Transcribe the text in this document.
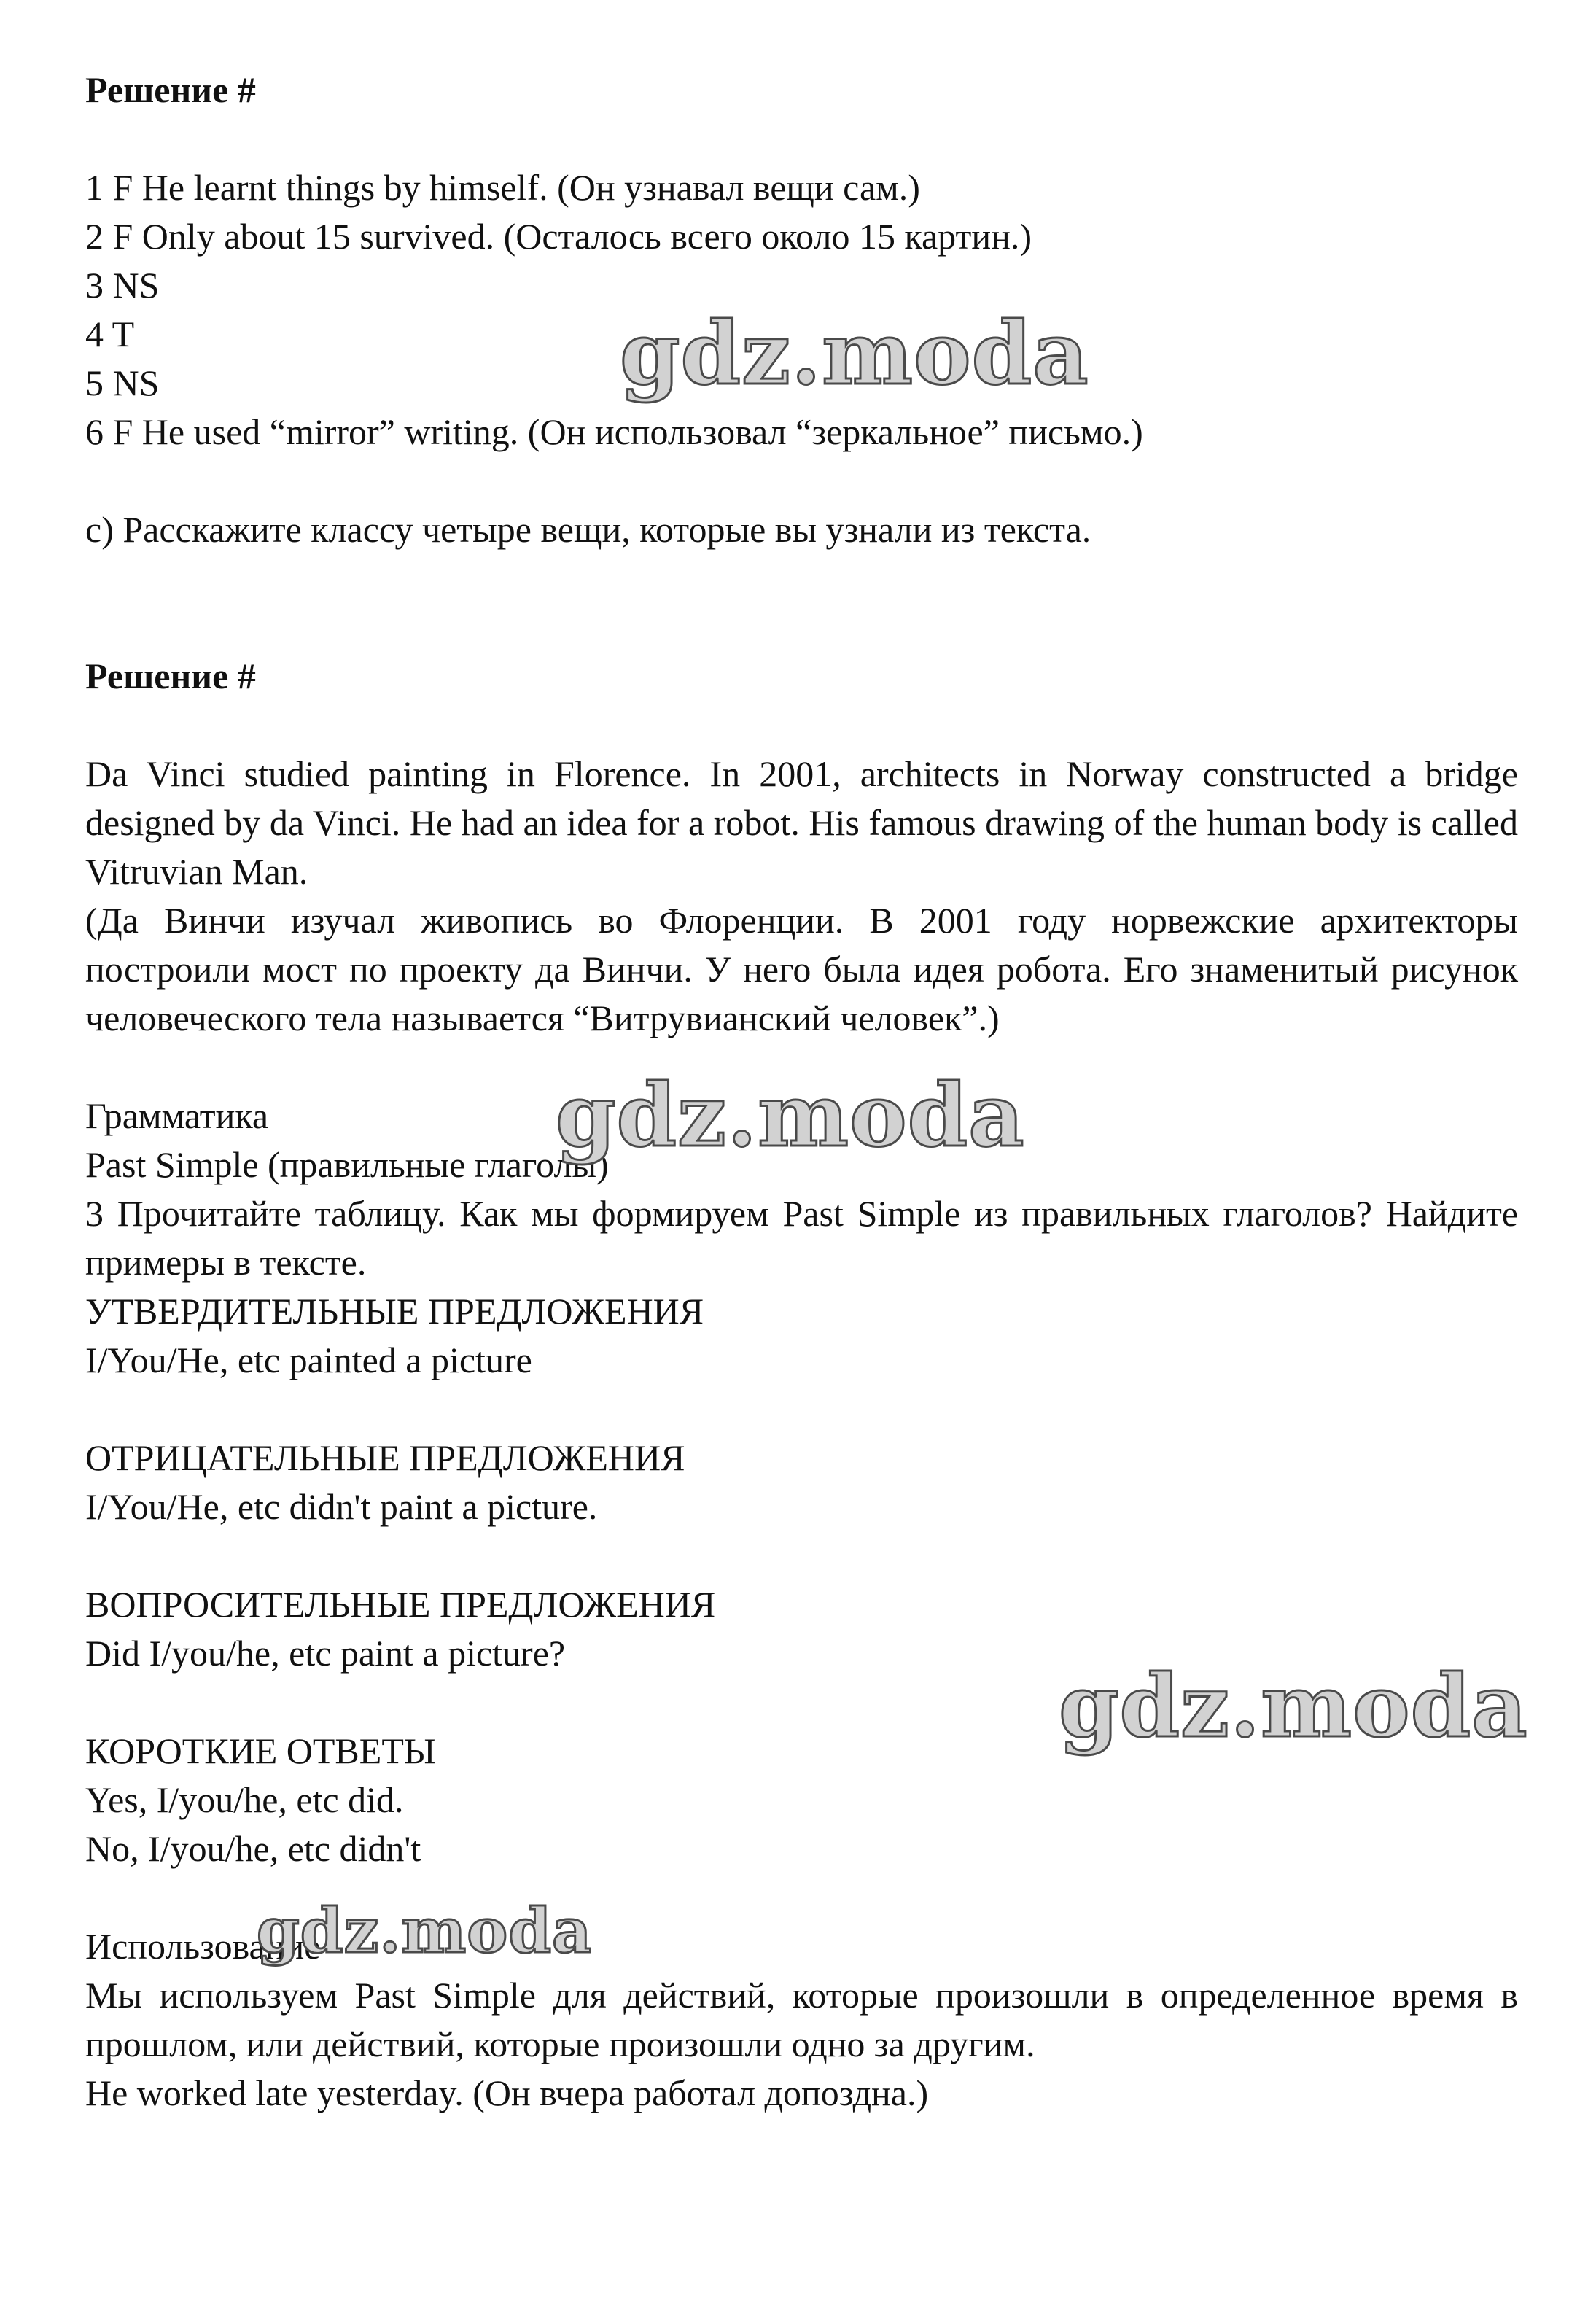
Решение #
1 F He learnt things by himself. (Он узнавал вещи сам.)
2 F Only about 15 survived. (Осталось всего около 15 картин.)
3 NS
4 T
5 NS
6 F He used “mirror” writing. (Он использовал “зеркальное” письмо.)
c) Расскажите классу четыре вещи, которые вы узнали из текста.
Решение #
Da Vinci studied painting in Florence. In 2001, architects in Norway constructed a bridge designed by da Vinci. He had an idea for a robot. His famous drawing of the human body is called Vitruvian Man.
(Да Винчи изучал живопись во Флоренции. В 2001 году норвежские архитекторы построили мост по проекту да Винчи. У него была идея робота. Его знаменитый рисунок человеческого тела называется “Витрувианский человек”.)
Грамматика
Past Simple (правильные глаголы)
3 Прочитайте таблицу. Как мы формируем Past Simple из правильных глаголов? Найдите примеры в тексте.
УТВЕРДИТЕЛЬНЫЕ ПРЕДЛОЖЕНИЯ
I/You/He, etc painted a picture
ОТРИЦАТЕЛЬНЫЕ ПРЕДЛОЖЕНИЯ
I/You/He, etc didn't paint a picture.
ВОПРОСИТЕЛЬНЫЕ ПРЕДЛОЖЕНИЯ
Did I/you/he, etc paint a picture?
КОРОТКИЕ ОТВЕТЫ
Yes, I/you/he, etc did.
No, I/you/he, etc didn't
Использование
Мы используем Past Simple для действий, которые произошли в определенное время в прошлом, или действий, которые произошли одно за другим.
He worked late yesterday. (Он вчера работал допоздна.)
gdz.moda
gdz.moda
gdz.moda
gdz.moda
